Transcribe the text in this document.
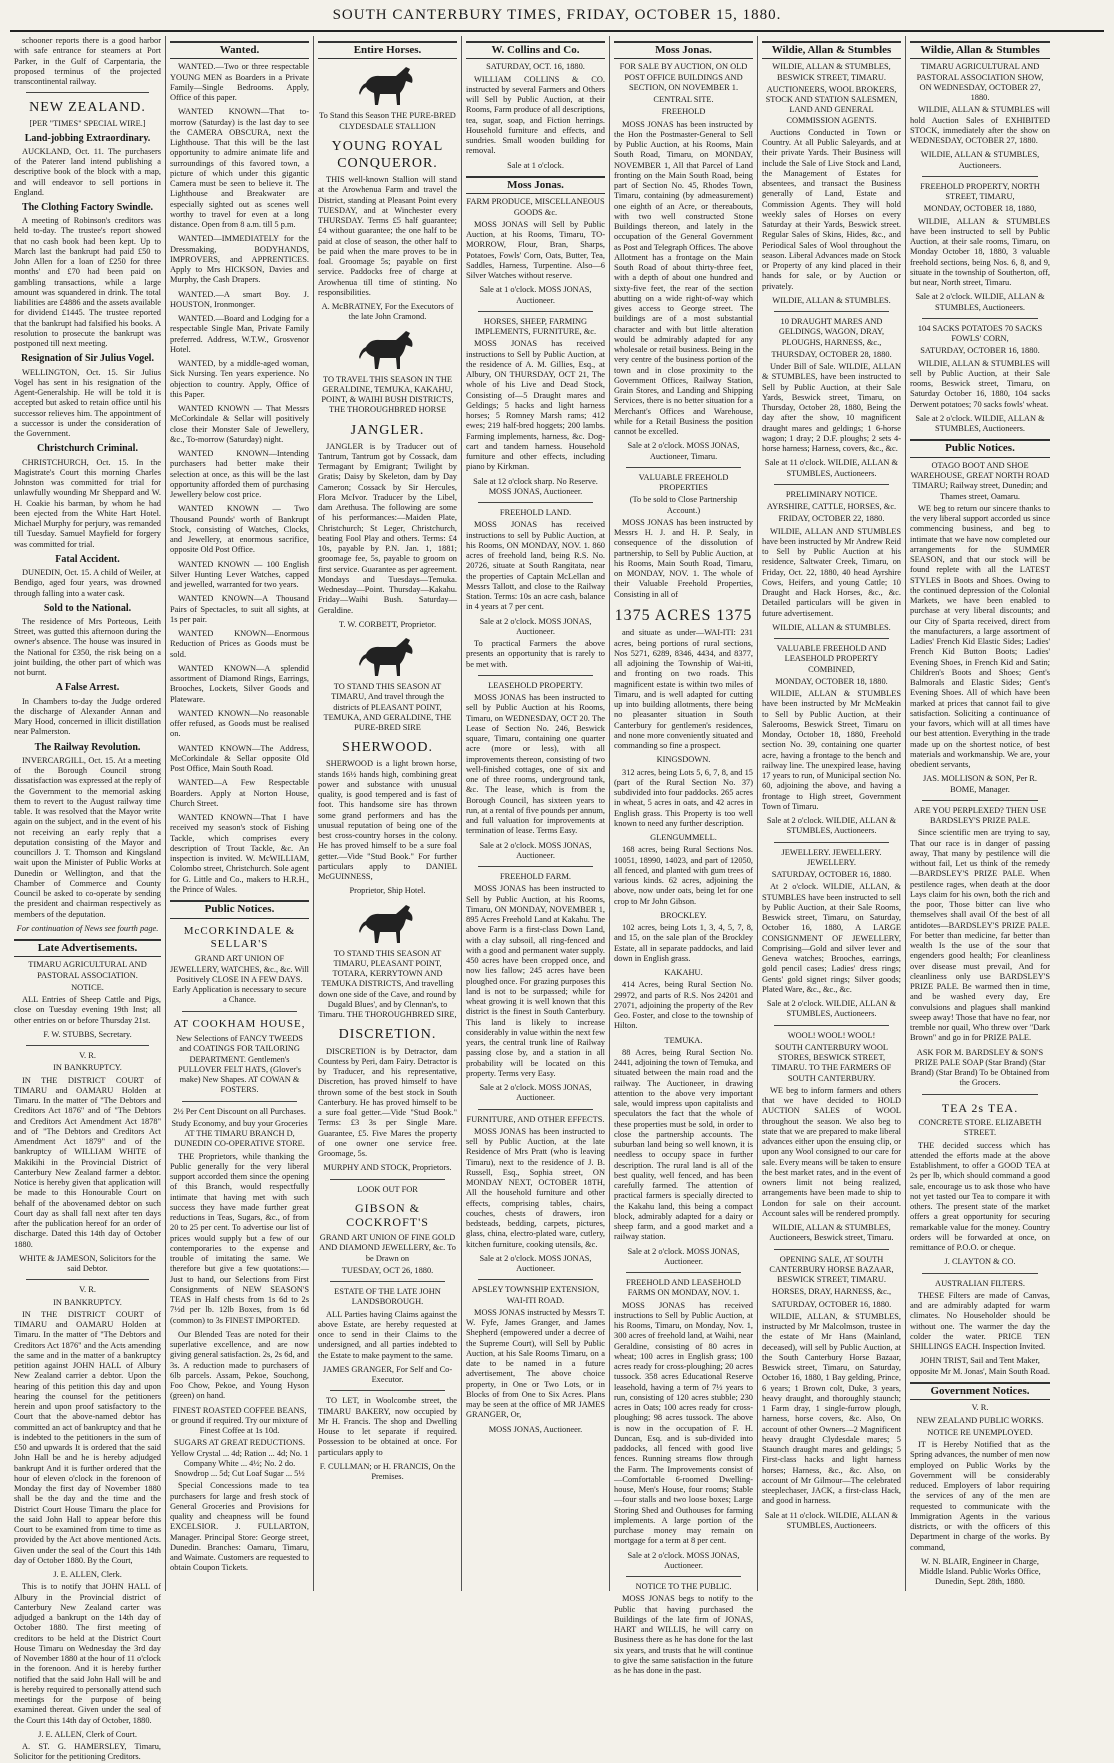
SOUTH CANTERBURY TIMES, FRIDAY, OCTOBER 15, 1880.

schooner reports there is a good harbor with safe entrance for steamers at Port Parker, in the Gulf of Carpentaria, the proposed terminus of the projected transcontinental railway.

NEW ZEALAND.
[PER "TIMES" SPECIAL WIRE.]
Land-jobbing Extraordinary.

AUCKLAND, Oct. 11. The purchasers of the Paterer land intend publishing a descriptive book of the block with a map, and will endeavor to sell portions in England.

The Clothing Factory Swindle.

A meeting of Robinson's creditors was held to-day. The trustee's report showed that no cash book had been kept. Up to March last the bankrupt had paid £50 to John Allen for a loan of £250 for three months' and £70 had been paid on gambling transactions, while a large amount was squandered in drink. The total liabilities are £4886 and the assets available for dividend £1445. The trustee reported that the bankrupt had falsified his books. A resolution to prosecute the bankrupt was postponed till next meeting.

Resignation of Sir Julius Vogel.

WELLINGTON, Oct. 15. Sir Julius Vogel has sent in his resignation of the Agent-Generalship. He will be told it is accepted but asked to retain office until his successor relieves him. The appointment of a successor is under the consideration of the Government.

Christchurch Criminal.

CHRISTCHURCH, Oct. 15. In the Magistrate's Court this morning Charles Johnston was committed for trial for unlawfully wounding Mr Sheppard and W. H. Coakie his barman, by whom he had been ejected from the White Hart Hotel. Michael Murphy for perjury, was remanded till Tuesday. Samuel Mayfield for forgery was committed for trial.

Fatal Accident.

DUNEDIN, Oct. 15. A child of Weiler, at Bendigo, aged four years, was drowned through falling into a water cask.

Sold to the National.

The residence of Mrs Porteous, Leith Street, was gutted this afternoon during the owner's absence. The house was insured in the National for £350, the risk being on a joint building, the other part of which was not burnt.

A False Arrest.

In Chambers to-day the Judge ordered the discharge of Alexander Annan and Mary Hood, concerned in illicit distillation near Palmerston.

The Railway Revolution.

INVERCARGILL, Oct. 15. At a meeting of the Borough Council strong dissatisfaction was expressed at the reply of the Government to the memorial asking them to revert to the August railway time table. It was resolved that the Mayor write again on the subject, and in the event of his not receiving an early reply that a deputation consisting of the Mayor and councillors J. T. Thomson and Kingsland wait upon the Minister of Public Works at Dunedin or Wellington, and that the Chamber of Commerce and County Council be asked to co-operate by sending the president and chairman respectively as members of the deputation.

For continuation of News see fourth page.
Late Advertisements.
TIMARU AGRICULTURAL AND PASTORAL ASSOCIATION.
NOTICE.

ALL Entries of Sheep Cattle and Pigs, close on Tuesday evening 19th Inst; all other entries on or before Thursday 21st.

F. W. STUBBS, Secretary.
V. R.
IN BANKRUPTCY.

IN THE DISTRICT COURT of TIMARU and OAMARU Holden at Timaru. In the matter of "The Debtors and Creditors Act 1876" and of "The Debtors and Creditors Act Amendment Act 1878" and of "The Debtors and Creditors Act Amendment Act 1879" and of the bankruptcy of WILLIAM WHITE of Makikihi in the Provincial District of Canterbury New Zealand farmer a debtor. Notice is hereby given that application will be made to this Honourable Court on behalf of the abovenamed debtor on such Court day as shall fall next after ten days after the publication hereof for an order of discharge. Dated this 14th day of October 1880.

WHITE & JAMESON, Solicitors for the said Debtor.
V. R.
IN BANKRUPTCY.

IN THE DISTRICT COURT of TIMARU and OAMARU Holden at Timaru. In the matter of "The Debtors and Creditors Act 1876" and the Acts amending the same and in the matter of a bankruptcy petition against JOHN HALL of Albury New Zealand carrier a debtor. Upon the hearing of this petition this day and upon hearing the counsel for the petitioners herein and upon proof satisfactory to the Court that the above-named debtor has committed an act of bankruptcy and that he is indebted to the petitioners in the sum of £50 and upwards It is ordered that the said John Hall be and he is hereby adjudged bankrupt And it is further ordered that the hour of eleven o'clock in the forenoon of Monday the first day of November 1880 shall be the day and the time and the District Court House Timaru the place for the said John Hall to appear before this Court to be examined from time to time as provided by the Act above mentioned Acts. Given under the seal of the Court this 14th day of October 1880. By the Court,

J. E. ALLEN, Clerk.

This is to notify that JOHN HALL of Albury in the Provincial district of Canterbury New Zealand carter was adjudged a bankrupt on the 14th day of October 1880. The first meeting of creditors to be held at the District Court House Timaru on Wednesday the 3rd day of November 1880 at the hour of 11 o'clock in the forenoon. And it is hereby further notified that the said John Hall will be and is hereby required to personally attend such meetings for the purpose of being examined thereat. Given under the seal of the Court this 14th day of October, 1880.

J. E. ALLEN, Clerk of Court.

A. ST. G. HAMERSLEY, Timaru, Solicitor for the petitioning Creditors.

Wanted.

WANTED.—Two or three respectable YOUNG MEN as Boarders in a Private Family—Single Bedrooms. Apply, Office of this paper.

WANTED KNOWN—That to-morrow (Saturday) is the last day to see the CAMERA OBSCURA, next the Lighthouse. That this will be the last opportunity to admire animate life and surroundings of this favored town, a picture of which under this gigantic Camera must be seen to believe it. The Lighthouse and Breakwater are especially sighted out as scenes well worthy to travel for even at a long distance. Open from 8 a.m. till 5 p.m.

WANTED—IMMEDIATELY for the Dressmaking, BODYHANDS, IMPROVERS, and APPRENTICES. Apply to Mrs HICKSON, Davies and Murphy, the Cash Drapers.

WANTED.—A smart Boy. J. HOUSTON, Ironmonger.

WANTED.—Board and Lodging for a respectable Single Man, Private Family preferred. Address, W.T.W., Grosvenor Hotel.

WANTED, by a middle-aged woman, Sick Nursing. Ten years experience. No objection to country. Apply, Office of this Paper.

WANTED KNOWN — That Messrs McCorkindale & Sellar will positively close their Monster Sale of Jewellery, &c., To-morrow (Saturday) night.

WANTED KNOWN—Intending purchasers had better make their selection at once, as this will be the last opportunity afforded them of purchasing Jewellery below cost price.

WANTED KNOWN — Two Thousand Pounds' worth of Bankrupt Stock, consisting of Watches, Clocks, and Jewellery, at enormous sacrifice, opposite Old Post Office.

WANTED KNOWN — 100 English Silver Hunting Lever Watches, capped and jewelled, warranted for two years.

WANTED KNOWN—A Thousand Pairs of Spectacles, to suit all sights, at 1s per pair.

WANTED KNOWN—Enormous Reduction of Prices as Goods must be sold.

WANTED KNOWN—A splendid assortment of Diamond Rings, Earrings, Brooches, Lockets, Silver Goods and Plateware.

WANTED KNOWN—No reasonable offer refused, as Goods must be realised on.

WANTED KNOWN—The Address, McCorkindale & Sellar opposite Old Post Office, Main South Road.

WANTED—A Few Respectable Boarders. Apply at Norton House, Church Street.

WANTED KNOWN—That I have received my season's stock of Fishing Tackle, which comprises every description of Trout Tackle, &c. An inspection is invited. W. McWILLIAM, Colombo street, Christchurch. Sole agent for G. Little and Co., makers to H.R.H., the Prince of Wales.

Public Notices.
McCORKINDALE & SELLAR'S
GRAND ART UNION OF JEWELLERY, WATCHES, &c., &c. Will Positively CLOSE IN A FEW DAYS. Early Application is necessary to secure a Chance.
AT COOKHAM HOUSE,
New Selections of FANCY TWEEDS and COATINGS FOR TAILORING DEPARTMENT. Gentlemen's PULLOVER FELT HATS, (Glover's make) New Shapes. AT COWAN & FOSTERS.
2½ Per Cent Discount on all Purchases.
Study Economy, and buy your Groceries AT THE TIMARU BRANCH D, DUNEDIN CO-OPERATIVE STORE.

THE Proprietors, while thanking the Public generally for the very liberal support accorded them since the opening of this Branch, would respectfully intimate that having met with such success they have made further great reductions in Teas, Sugars, &c., of from 20 to 25 per cent. To advertise our list of prices would supply but a few of our contemporaries to the expense and trouble of imitating the same. We therefore but give a few quotations:—Just to hand, our Selections from First Consignments of NEW SEASON'S TEAS in Half chests from 1s 6d to 2s 7½d per lb. 12lb Boxes, from 1s 6d (common) to 3s FINEST IMPORTED.

Our Blended Teas are noted for their superlative excellence, and are now giving general satisfaction. 2s, 2s 6d, and 3s. A reduction made to purchasers of 6lb parcels. Assam, Pekoe, Souchong, Foo Chow, Pekoe, and Young Hyson (green) on hand.

FINEST ROASTED COFFEE BEANS, or ground if required. Try our mixture of Finest Coffee at 1s 10d.
SUGARS AT GREAT REDUCTIONS. Yellow Crystal ... 4d; Ration ... 4d; No. 1 Company White ... 4½; No. 2 do. Snowdrop ... 5d; Cut Loaf Sugar ... 5½

Special Concessions made to tea purchasers for large and fresh stock of General Groceries and Provisions for quality and cheapness will be found EXCELSIOR. J. FULLARTON, Manager. Principal Store: George street, Dunedin. Branches: Oamaru, Timaru, and Waimate. Customers are requested to obtain Coupon Tickets.

Entire Horses.
To Stand this Season THE PURE-BRED CLYDESDALE STALLION
YOUNG ROYAL CONQUEROR.

THIS well-known Stallion will stand at the Arowhenua Farm and travel the District, standing at Pleasant Point every TUESDAY, and at Winchester every THURSDAY. Terms £5 half guarantee; £4 without guarantee; the one half to be paid at close of season, the other half to be paid when the mare proves to be in foal. Groomage 5s; payable on first service. Paddocks free of charge at Arowhenua till time of stinting. No responsibilities.

A. McBRATNEY, For the Executors of the late John Cramond.
TO TRAVEL THIS SEASON IN THE GERALDINE, TEMUKA, KAKAHU, POINT, & WAIHI BUSH DISTRICTS, THE THOROUGHBRED HORSE
JANGLER.

JANGLER is by Traducer out of Tantrum, Tantrum got by Cossack, dam Termagant by Emigrant; Twilight by Gratis; Daisy by Skeleton, dam by Day Cameron; Cossack by Sir Hercules, Flora McIvor. Traducer by the Libel, dam Arethusa. The following are some of his performances:—Maiden Plate, Christchurch; St Leger, Christchurch, beating Fool Play and others. Terms: £4 10s, payable by P.N. Jan. 1, 1881; groomage fee, 5s, payable to groom on first service. Guarantee as per agreement. Mondays and Tuesdays—Temuka. Wednesday—Point. Thursday—Kakahu. Friday—Waihi Bush. Saturday—Geraldine.

T. W. CORBETT, Proprietor.
TO STAND THIS SEASON AT TIMARU, And travel through the districts of PLEASANT POINT, TEMUKA, AND GERALDINE, THE PURE-BRED SIRE
SHERWOOD.

SHERWOOD is a light brown horse, stands 16½ hands high, combining great power and substance with unusual quality, is good tempered and is fast of foot. This handsome sire has thrown some grand performers and has the unusual reputation of being one of the best cross-country horses in the colony. He has proved himself to be a sure foal getter.—Vide "Stud Book." For further particulars apply to DANIEL McGUINNESS,

Proprietor, Ship Hotel.
TO STAND THIS SEASON AT TIMARU, PLEASANT POINT, TOTARA, KERRYTOWN AND TEMUKA DISTRICTS, And travelling down one side of the Cave, and round by Dugald Blues', and by Clennan's, to Timaru. THE THOROUGHBRED SIRE,
DISCRETION.

DISCRETION is by Detractor, dam Countess by Peri, dam Fairy. Detractor is by Traducer, and his representative, Discretion, has proved himself to have thrown some of the best stock in South Canterbury. He has proved himself to be a sure foal getter.—Vide "Stud Book." Terms: £3 3s per Single Mare. Guarantee, £5. Five Mares the property of one owner one service free. Groomage, 5s.

MURPHY AND STOCK, Proprietors.
LOOK OUT FOR
GIBSON & COCKROFT'S
GRAND ART UNION OF FINE GOLD AND DIAMOND JEWELLERY, &c. To be Drawn on
TUESDAY, OCT 26, 1880.
ESTATE OF THE LATE JOHN LANDSBOROUGH.

ALL Parties having Claims against the above Estate, are hereby requested at once to send in their Claims to the undersigned, and all parties indebted to the Estate to make payment to the same.

JAMES GRANGER, For Self and Co-Executor.

TO LET, in Woolcombe street, the TIMARU BAKERY, now occupied by Mr H. Francis. The shop and Dwelling House to let separate if required. Possession to be obtained at once. For particulars apply to

F. CULLMAN; or H. FRANCIS, On the Premises.
W. Collins and Co.
SATURDAY, OCT. 16, 1880.

WILLIAM COLLINS & CO. instructed by several Farmers and Others will Sell by Public Auction, at their Rooms, Farm produce of all descriptions, tea, sugar, soap, and Fiction herrings. Household furniture and effects, and sundries. Small wooden building for removal.

Sale at 1 o'clock.
Moss Jonas.
FARM PRODUCE, MISCELLANEOUS GOODS &c.

MOSS JONAS will Sell by Public Auction, at his Rooms, Timaru, TO-MORROW, Flour, Bran, Sharps, Potatoes, Fowls' Corn, Oats, Butter, Tea, Saddles, Harness, Turpentine. Also—6 Silver Watches without reserve.

Sale at 1 o'clock. MOSS JONAS, Auctioneer.
HORSES, SHEEP, FARMING IMPLEMENTS, FURNITURE, &c.

MOSS JONAS has received instructions to Sell by Public Auction, at the residence of A. M. Gillies, Esq., at Albury, ON THURSDAY, OCT 21, The whole of his Live and Dead Stock, Consisting of—5 Draught mares and Geldings; 5 hacks and light harness horses; 5 Romney Marsh rams; 412 ewes; 219 half-bred hoggets; 200 lambs. Farming implements, harness, &c. Dog-cart and tandem harness. Household furniture and other effects, including piano by Kirkman.

Sale at 12 o'clock sharp. No Reserve. MOSS JONAS, Auctioneer.
FREEHOLD LAND.

MOSS JONAS has received instructions to sell by Public Auction, at his Rooms, ON MONDAY, NOV. 1. 860 acres of freehold land, being R.S. No. 20726, situate at South Rangitata, near the properties of Captain McLellan and Messrs Tallott, and close to the Railway Station. Terms: 10s an acre cash, balance in 4 years at 7 per cent.

Sale at 2 o'clock. MOSS JONAS, Auctioneer.

To practical Farmers the above presents an opportunity that is rarely to be met with.

LEASEHOLD PROPERTY.

MOSS JONAS has been instructed to sell by Public Auction at his Rooms, Timaru, on WEDNESDAY, OCT 20. The Lease of Section No. 246, Beswick square, Timaru, containing one quarter acre (more or less), with all improvements thereon, consisting of two well-finished cottages, one of six and one of three rooms, underground tank, &c. The lease, which is from the Borough Council, has sixteen years to run, at a rental of five pounds per annum, and full valuation for improvements at termination of lease. Terms Easy.

Sale at 2 o'clock. MOSS JONAS, Auctioneer.
FREEHOLD FARM.

MOSS JONAS has been instructed to Sell by Public Auction, at his Rooms, Timaru, ON MONDAY, NOVEMBER 1, 895 Acres Freehold Land at Kakahu. The above Farm is a first-class Down Land, with a clay subsoil, all ring-fenced and with a good and permanent water supply. 450 acres have been cropped once, and now lies fallow; 245 acres have been ploughed once. For grazing purposes this land is not to be surpassed; while for wheat growing it is well known that this district is the finest in South Canterbury. This land is likely to increase considerably in value within the next few years, the central trunk line of Railway passing close by, and a station in all probability will be located on this property. Terms very Easy.

Sale at 2 o'clock. MOSS JONAS, Auctioneer.
FURNITURE, AND OTHER EFFECTS.

MOSS JONAS has been instructed to sell by Public Auction, at the late Residence of Mrs Pratt (who is leaving Timaru), next to the residence of J. B. Russell, Esq., Sophia street, ON MONDAY NEXT, OCTOBER 18TH, All the household furniture and other effects, comprising tables, chairs, couches, chests of drawers, iron bedsteads, bedding, carpets, pictures, glass, china, electro-plated ware, cutlery, kitchen furniture, cooking utensils, &c.

Sale at 2 o'clock. MOSS JONAS, Auctioneer.
APSLEY TOWNSHIP EXTENSION, WAI-ITI ROAD.

MOSS JONAS instructed by Messrs T. W. Fyfe, James Granger, and James Shepherd (empowered under a decree of the Supreme Court), will Sell by Public Auction, at his Sale Rooms Timaru, on a date to be named in a future advertisement, The above choice property, in One or Two Lots, or in Blocks of from One to Six Acres. Plans may be seen at the office of MR JAMES GRANGER, Or,

MOSS JONAS, Auctioneer.
Moss Jonas.
FOR SALE BY AUCTION, ON OLD POST OFFICE BUILDINGS AND SECTION, ON NOVEMBER 1.
CENTRAL SITE.
FREEHOLD

MOSS JONAS has been instructed by the Hon the Postmaster-General to Sell by Public Auction, at his Rooms, Main South Road, Timaru, on MONDAY, NOVEMBER 1, All that Parcel of Land fronting on the Main South Road, being part of Section No. 45, Rhodes Town, Timaru, containing (by admeasurement) one eighth of an Acre, or thereabouts, with two well constructed Stone Buildings thereon, and lately in the occupation of the General Government as Post and Telegraph Offices. The above Allotment has a frontage on the Main South Road of about thirty-three feet, with a depth of about one hundred and sixty-five feet, the rear of the section abutting on a wide right-of-way which gives access to George street. The buildings are of a most substantial character and with but little alteration would be admirably adapted for any wholesale or retail business. Being in the very centre of the business portion of the town and in close proximity to the Government Offices, Railway Station, Grain Stores, and Landing and Shipping Services, there is no better situation for a Merchant's Offices and Warehouse, while for a Retail Business the position cannot be excelled.

Sale at 2 o'clock. MOSS JONAS, Auctioneer, Timaru.
VALUABLE FREEHOLD PROPERTIES
(To be sold to Close Partnership Account.)

MOSS JONAS has been instructed by Messrs H. J. and H. P. Sealy, in consequence of the dissolution of partnership, to Sell by Public Auction, at his Rooms, Main South Road, Timaru, on MONDAY, NOV. 1. The whole of their Valuable Freehold Properties, Consisting in all of

1375 ACRES 1375

and situate as under—WAI-ITI: 231 acres, being portions of rural sections, Nos 5271, 6289, 8346, 4434, and 8377, all adjoining the Township of Wai-iti, and fronting on two roads. This magnificent estate is within two miles of Timaru, and is well adapted for cutting up into building allotments, there being no pleasanter situation in South Canterbury for gentlemen's residences, and none more conveniently situated and commanding so fine a prospect.

KINGSDOWN.

312 acres, being Lots 5, 6, 7, 8, and 15 (part of the Rural Section No. 37) subdivided into four paddocks. 265 acres in wheat, 5 acres in oats, and 42 acres in English grass. This Property is too well known to need any further description.

GLENGUMMELL.

168 acres, being Rural Sections Nos. 10051, 18990, 14023, and part of 12050, all fenced, and planted with gum trees of various kinds. 62 acres, adjoining the above, now under oats, being let for one crop to Mr John Gibson.

BROCKLEY.

102 acres, being Lots 1, 3, 4, 5, 7, 8, and 15, on the sale plan of the Brockley Estate, all in separate paddocks, and laid down in English grass.

KAKAHU.

414 Acres, being Rural Section No. 29972, and parts of R.S. Nos 24201 and 27071, adjoining the property of the Rev Geo. Foster, and close to the township of Hilton.

TEMUKA.

88 Acres, being Rural Section No. 2441, adjoining the town of Temuka, and situated between the main road and the railway. The Auctioneer, in drawing attention to the above very important sale, would impress upon capitalists and speculators the fact that the whole of these properties must be sold, in order to close the partnership accounts. The suburban land being so well known, it is needless to occupy space in further description. The rural land is all of the best quality, well fenced, and has been carefully farmed. The attention of practical farmers is specially directed to the Kakahu land, this being a compact block, admirably adapted for a dairy or sheep farm, and a good market and a railway station.

Sale at 2 o'clock. MOSS JONAS, Auctioneer.
FREEHOLD AND LEASEHOLD FARMS ON MONDAY, NOV. 1.

MOSS JONAS has received instructions to Sell by Public Auction, at his Rooms, Timaru, on Monday, Nov. 1, 300 acres of freehold land, at Waihi, near Geraldine, consisting of 80 acres in wheat; 100 acres in English grass; 100 acres ready for cross-ploughing; 20 acres tussock. 358 acres Educational Reserve leasehold, having a term of 7½ years to run, consisting of 120 acres stubble; 230 acres in Oats; 100 acres ready for cross-ploughing; 98 acres tussock. The above is now in the occupation of F. H. Duncan, Esq. and is sub-divided into paddocks, all fenced with good live fences. Running streams flow through the Farm. The Improvements consist of—Comfortable 6-roomed Dwelling-house, Men's House, four rooms; Stable—four stalls and two loose boxes; Large Storing Shed and Outhouses for farming implements. A large portion of the purchase money may remain on mortgage for a term at 8 per cent.

Sale at 2 o'clock. MOSS JONAS, Auctioneer.
NOTICE TO THE PUBLIC.

MOSS JONAS begs to notify to the Public that having purchased the Buildings of the late firm of JONAS, HART and WILLIS, he will carry on Business there as he has done for the last six years, and trusts that he will continue to give the same satisfaction in the future as he has done in the past.

Wildie, Allan & Stumbles
WILDIE, ALLAN & STUMBLES, BESWICK STREET, TIMARU.
AUCTIONEERS, WOOL BROKERS, STOCK AND STATION SALESMEN, LAND AND GENERAL COMMISSION AGENTS.

Auctions Conducted in Town or Country. At all Public Saleyards, and at their private Yards. Their Business will include the Sale of Live Stock and Land, the Management of Estates for absentees, and transact the Business generally of Land, Estate and Commission Agents. They will hold weekly sales of Horses on every Saturday at their Yards, Beswick street. Regular Sales of Skins, Hides, &c., and Periodical Sales of Wool throughout the season. Liberal Advances made on Stock or Property of any kind placed in their hands for sale, or by Auction or privately.

WILDIE, ALLAN & STUMBLES.
10 DRAUGHT MARES AND GELDINGS, WAGON, DRAY, PLOUGHS, HARNESS, &c.,
THURSDAY, OCTOBER 28, 1880.

Under Bill of Sale. WILDIE, ALLAN & STUMBLES, have been instructed to Sell by Public Auction, at their Sale Yards, Beswick street, Timaru, on Thursday, October 28, 1880, Being the day after the show, 10 magnificent draught mares and geldings; 1 6-horse wagon; 1 dray; 2 D.F. ploughs; 2 sets 4-horse harness; Harness, covers, &c., &c.

Sale at 11 o'clock. WILDIE, ALLAN & STUMBLES, Auctioneers.
PRELIMINARY NOTICE.
AYRSHIRE, CATTLE, HORSES, &c.
FRIDAY, OCTOBER 22, 1880.

WILDIE, ALLAN AND STUMBLES have been instructed by Mr Andrew Reid to Sell by Public Auction at his residence, Saltwater Creek, Timaru, on Friday, Oct. 22, 1880, 40 head Ayrshire Cows, Heifers, and young Cattle; 10 Draught and Hack Horses, &c., &c. Detailed particulars will be given in future advertisement.

WILDIE, ALLAN & STUMBLES.
VALUABLE FREEHOLD AND LEASEHOLD PROPERTY COMBINED,
MONDAY, OCTOBER 18, 1880.

WILDIE, ALLAN & STUMBLES have been instructed by Mr McMeakin to Sell by Public Auction, at their Salerooms, Beswick Street, Timaru on Monday, October 18, 1880, Freehold section No. 39, containing one quarter acre, having a frontage to the bench and railway line. The unexpired lease, having 17 years to run, of Municipal section No. 60, adjoining the above, and having a frontage to High street, Government Town of Timaru.

Sale at 2 o'clock. WILDIE, ALLAN & STUMBLES, Auctioneers.
JEWELLERY. JEWELLERY. JEWELLERY.
SATURDAY, OCTOBER 16, 1880.

At 2 o'clock. WILDIE, ALLAN, & STUMBLES have been instructed to sell by Public Auction, at their Sale Rooms, Beswick street, Timaru, on Saturday, October 16, 1880, A LARGE CONSIGNMENT OF JEWELLERY, Comprising—Gold and silver lever and Geneva watches; Brooches, earrings, gold pencil cases; Ladies' dress rings; Gents' gold signet rings; Silver goods; Plated Ware, &c., &c., &c.

Sale at 2 o'clock. WILDIE, ALLAN & STUMBLES, Auctioneers.
WOOL! WOOL! WOOL!
SOUTH CANTERBURY WOOL STORES, BESWICK STREET, TIMARU. TO THE FARMERS OF SOUTH CANTERBURY.

WE beg to inform farmers and others that we have decided to HOLD AUCTION SALES of WOOL throughout the season. We also beg to state that we are prepared to make liberal advances either upon the ensuing clip, or upon any Wool consigned to our care for sale. Every means will be taken to ensure the best market rates, and in the event of owners limit not being realized, arrangements have been made to ship to London for sale on their account. Account sales will be rendered promptly.

WILDIE, ALLAN & STUMBLES, Auctioneers, Beswick street, Timaru.
OPENING SALE, AT SOUTH CANTERBURY HORSE BAZAAR, BESWICK STREET, TIMARU.
HORSES, DRAY, HARNESS, &c.,
SATURDAY, OCTOBER 16, 1880.

WILDIE, ALLAN, & STUMBLES, instructed by Mr Malcolmson, trustee in the estate of Mr Hans (Mainland, deceased), will sell by Public Auction, at the South Canterbury Horse Bazaar, Beswick street, Timaru, on Saturday, October 16, 1880, 1 Bay gelding, Prince, 6 years; 1 Brown colt, Duke, 3 years, heavy draught, and thoroughly staunch; 1 Farm dray, 1 single-furrow plough, harness, horse covers, &c. Also, On account of other Owners—2 Magnificent heavy draught Clydesdale mares; 5 Staunch draught mares and geldings; 5 First-class hacks and light harness horses; Harness, &c., &c. Also, on account of Mr Gilmour—The celebrated steeplechaser, JACK, a first-class Hack, and good in harness.

Sale at 11 o'clock. WILDIE, ALLAN & STUMBLES, Auctioneers.
Wildie, Allan & Stumbles
TIMARU AGRICULTURAL AND PASTORAL ASSOCIATION SHOW, ON WEDNESDAY, OCTOBER 27, 1880.

WILDIE, ALLAN & STUMBLES will hold Auction Sales of EXHIBITED STOCK, immediately after the show on WEDNESDAY, OCTOBER 27, 1880.

WILDIE, ALLAN & STUMBLES, Auctioneers.
FREEHOLD PROPERTY, NORTH STREET, TIMARU,
MONDAY, OCTOBER 18, 1880,

WILDIE, ALLAN & STUMBLES have been instructed to sell by Public Auction, at their sale rooms, Timaru, on Monday October 18, 1880, 3 valuable freehold sections, being Nos. 6, 8, and 9, situate in the township of Southerton, off, but near, North street, Timaru.

Sale at 2 o'clock. WILDIE, ALLAN & STUMBLES, Auctioneers.
104 SACKS POTATOES 70 SACKS FOWLS' CORN,
SATURDAY, OCTOBER 16, 1880.

WILDIE, ALLAN & STUMBLES will sell by Public Auction, at their Sale rooms, Beswick street, Timaru, on Saturday October 16, 1880, 104 sacks Derwent potatoes; 70 sacks fowls' wheat.

Sale at 2 o'clock. WILDIE, ALLAN & STUMBLES, Auctioneers.
Public Notices.
OTAGO BOOT AND SHOE WAREHOUSE, GREAT NORTH ROAD TIMARU; Railway street, Dunedin; and Thames street, Oamaru.

WE beg to return our sincere thanks to the very liberal support accorded us since commencing business, and beg to intimate that we have now completed our arrangements for the SUMMER SEASON, and that our stock will be found replete with all the LATEST STYLES in Boots and Shoes. Owing to the continued depression of the Colonial Markets, we have been enabled to purchase at very liberal discounts; and our City of Sparta received, direct from the manufacturers, a large assortment of Ladies' French Kid Elastic Sides; Ladies' French Kid Button Boots; Ladies' Evening Shoes, in French Kid and Satin; Children's Boots and Shoes; Gent's Balmorals and Elastic Sides; Gent's Evening Shoes. All of which have been marked at prices that cannot fail to give satisfaction. Soliciting a continuance of your favors, which will at all times have our best attention. Everything in the trade made up on the shortest notice, of best materials and workmanship. We are, your obedient servants,

JAS. MOLLISON & SON, Per R. BOME, Manager.
ARE YOU PERPLEXED? THEN USE BARDSLEY'S PRIZE PALE.

Since scientific men are trying to say, That our race is in danger of passing away, That many by pestilence will die without fail, Let us think of the remedy—BARDSLEY'S PRIZE PALE. When pestilence rages, when death at the door Lays claim for his own, both the rich and the poor, Those bitter can live who themselves shall avail Of the best of all antidotes—BARDSLEY'S PRIZE PALE. For better than medicine, far better than wealth Is the use of the sour that engenders good health; For cleanliness over disease must prevail, And for cleanliness only use BARDSLEY'S PRIZE PALE. Be warmed then in time, and be washed every day, Ere convulsions and plagues shall mankind sweep away! Those that have no fear, nor tremble nor quail, Who threw over "Dark Brown" and go in for PRIZE PALE.

ASK FOR M. BARDSLEY & SON'S PRIZE PALE SOAP (Star Brand) (Star Brand) (Star Brand) To be Obtained from the Grocers.
TEA 2s TEA.
CONCRETE STORE. ELIZABETH STREET.

THE decided success which has attended the efforts made at the above Establishment, to offer a GOOD TEA at 2s per lb, which should command a good sale, encourage us to ask those who have not yet tasted our Tea to compare it with others. The present state of the market offers a great opportunity for securing remarkable value for the money. Country orders will be forwarded at once, on remittance of P.O.O. or cheque.

J. CLAYTON & CO.
AUSTRALIAN FILTERS.

THESE Filters are made of Canvas, and are admirably adapted for warm climates. No Householder should be without one. The warmer the day the colder the water. PRICE TEN SHILLINGS EACH. Inspection Invited.

JOHN TRIST, Sail and Tent Maker, opposite Mr M. Jonas', Main South Road.
Government Notices.
V. R.
NEW ZEALAND PUBLIC WORKS.
NOTICE RE UNEMPLOYED.

IT is Hereby Notified that as the Spring advances, the number of men now employed on Public Works by the Government will be considerably reduced. Employers of labor requiring the services of any of the men are requested to communicate with the Immigration Agents in the various districts, or with the officers of this Department in charge of the works. By command,

W. N. BLAIR, Engineer in Charge, Middle Island. Public Works Office, Dunedin, Sept. 28th, 1880.
